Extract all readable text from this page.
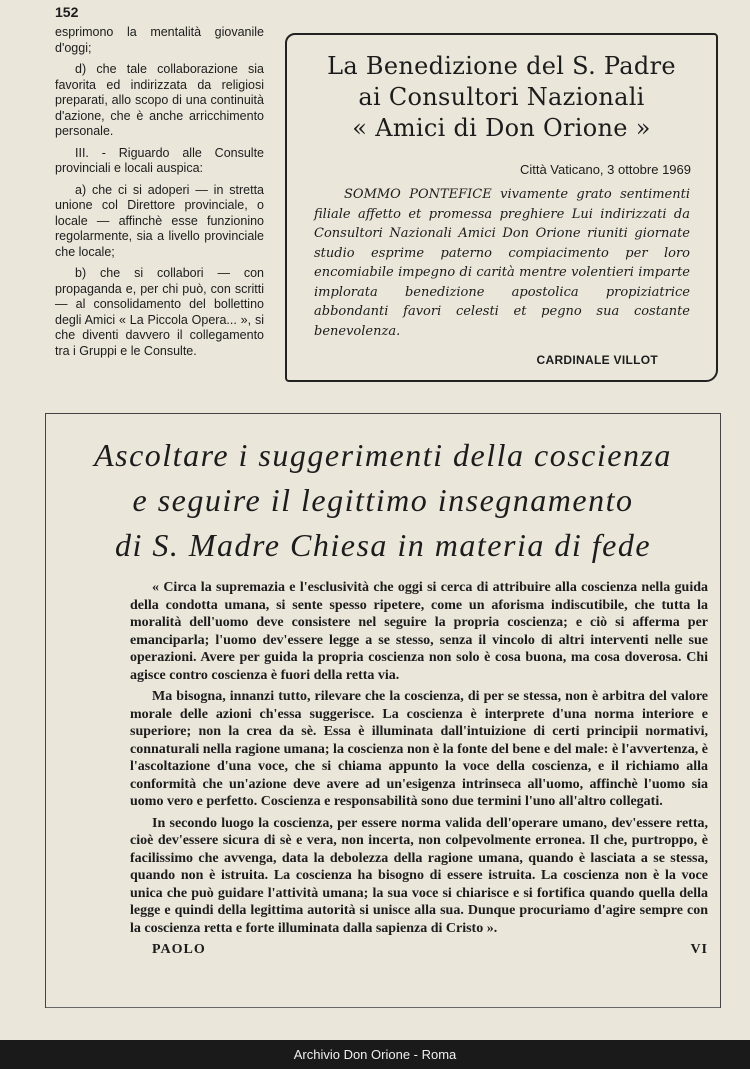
152

esprimono la mentalità giovanile d'oggi;

d) che tale collaborazione sia favorita ed indirizzata da religiosi preparati, allo scopo di una continuità d'azione, che è anche arricchimento personale.

III. - Riguardo alle Consulte provinciali e locali auspica:

a) che ci si adoperi — in stretta unione col Direttore provinciale, o locale — affinchè esse funzionino regolarmente, sia a livello provinciale che locale;

b) che si collabori — con propaganda e, per chi può, con scritti — al consolidamento del bollettino degli Amici « La Piccola Opera... », si che diventi davvero il collegamento tra i Gruppi e le Consulte.

La Benedizione del S. Padre
ai Consultori Nazionali
« Amici di Don Orione »
Città Vaticano, 3 ottobre 1969
SOMMO PONTEFICE vivamente grato sentimenti filiale affetto et promessa preghiere Lui indirizzati da Consultori Nazionali Amici Don Orione riuniti giornate studio esprime paterno compiacimento per loro encomiabile impegno di carità mentre volentieri imparte implorata benedizione apostolica propiziatrice abbondanti favori celesti et pegno sua costante benevolenza.
CARDINALE VILLOT
Ascoltare i suggerimenti della coscienza
e seguire il legittimo insegnamento
di S. Madre Chiesa in materia di fede

« Circa la supremazia e l'esclusività che oggi si cerca di attribuire alla coscienza nella guida della condotta umana, si sente spesso ripetere, come un aforisma indiscutibile, che tutta la moralità dell'uomo deve consistere nel seguire la propria coscienza; e ciò si afferma per emanciparla; l'uomo dev'essere legge a se stesso, senza il vincolo di altri interventi nelle sue operazioni. Avere per guida la propria coscienza non solo è cosa buona, ma cosa doverosa. Chi agisce contro coscienza è fuori della retta via.

Ma bisogna, innanzi tutto, rilevare che la coscienza, di per se stessa, non è arbitra del valore morale delle azioni ch'essa suggerisce. La coscienza è interprete d'una norma interiore e superiore; non la crea da sè. Essa è illuminata dall'intuizione di certi principii normativi, connaturali nella ragione umana; la coscienza non è la fonte del bene e del male: è l'avvertenza, è l'ascoltazione d'una voce, che si chiama appunto la voce della coscienza, e il richiamo alla conformità che un'azione deve avere ad un'esigenza intrinseca all'uomo, affinchè l'uomo sia uomo vero e perfetto. Coscienza e responsabilità sono due termini l'uno all'altro collegati.

In secondo luogo la coscienza, per essere norma valida dell'operare umano, dev'essere retta, cioè dev'essere sicura di sè e vera, non incerta, non colpevolmente erronea. Il che, purtroppo, è facilissimo che avvenga, data la debolezza della ragione umana, quando è lasciata a se stessa, quando non è istruita. La coscienza ha bisogno di essere istruita. La coscienza non è la voce unica che può guidare l'attività umana; la sua voce si chiarisce e si fortifica quando quella della legge e quindi della legittima autorità si unisce alla sua. Dunque procuriamo d'agire sempre con la coscienza retta e forte illuminata dalla sapienza di Cristo ».

PAOLO VI

Archivio Don Orione - Roma
